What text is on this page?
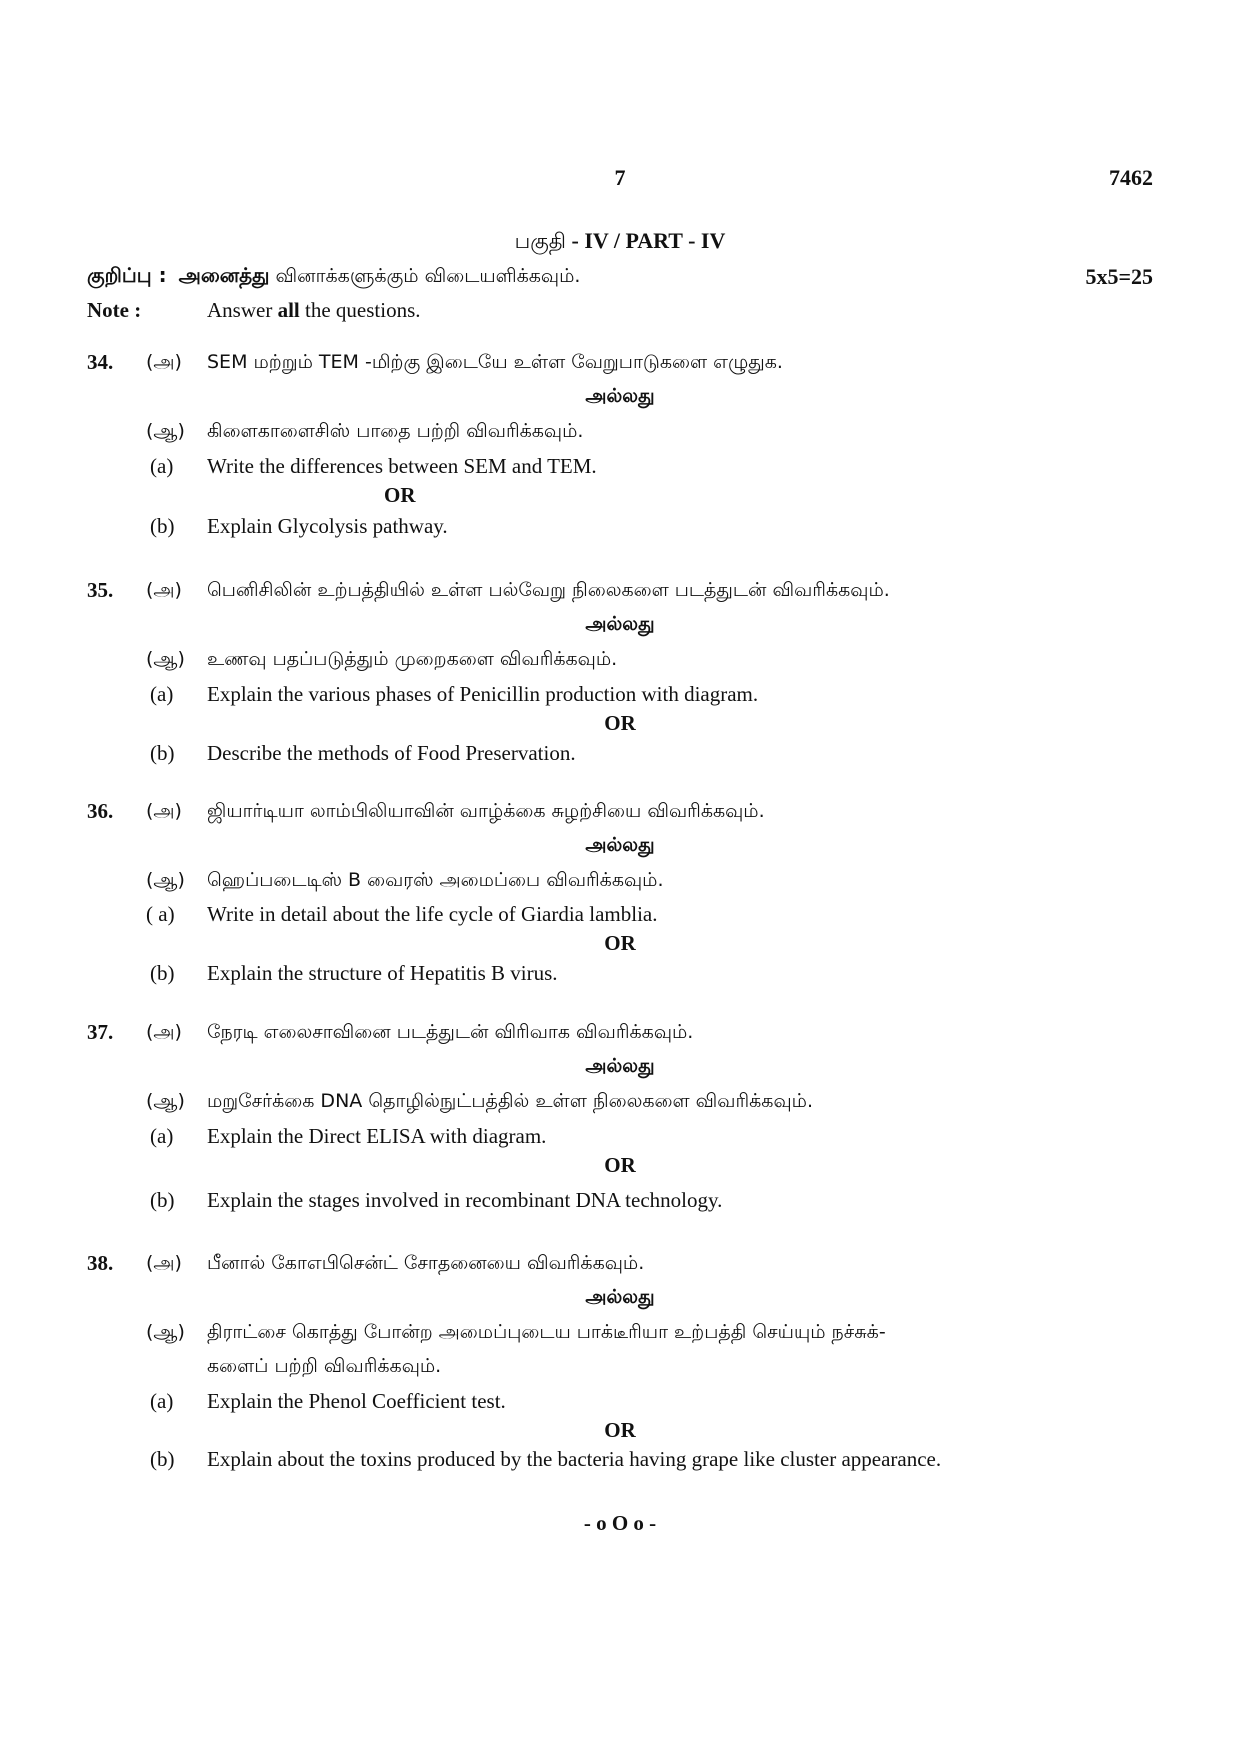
7	7462
பகுதி - IV / PART - IV
குறிப்பு : அனைத்து வினாக்களுக்கும் விடையளிக்கவும்.	5x5=25
Note :	Answer all the questions.
34. (அ) SEM மற்றும் TEM -மிற்கு இடையே உள்ள வேறுபாடுகளை எழுதுக.
அல்லது
(ஆ) கிளைகாளைசிஸ் பாதை பற்றி விவரிக்கவும்.
(a) Write the differences between SEM and TEM.
OR
(b) Explain Glycolysis pathway.
35. (அ) பெனிசிலின் உற்பத்தியில் உள்ள பல்வேறு நிலைகளை படத்துடன் விவரிக்கவும்.
அல்லது
(ஆ) உணவு பதப்படுத்தும் முறைகளை விவரிக்கவும்.
(a) Explain the various phases of Penicillin production with diagram.
OR
(b) Describe the methods of Food Preservation.
36. (அ) ஜியார்டியா லாம்பிலியாவின் வாழ்க்கை சுழற்சியை விவரிக்கவும்.
அல்லது
(ஆ) ஹெப்படைடிஸ் B வைரஸ் அமைப்பை விவரிக்கவும்.
( a) Write in detail about the life cycle of Giardia lamblia.
OR
(b) Explain the structure of Hepatitis B virus.
37. (அ) நேரடி எலைசாவினை படத்துடன் விரிவாக விவரிக்கவும்.
அல்லது
(ஆ) மறுசேர்க்கை DNA தொழில்நுட்பத்தில் உள்ள நிலைகளை விவரிக்கவும்.
(a) Explain the Direct ELISA with diagram.
OR
(b) Explain the stages involved in recombinant DNA technology.
38. (அ) பீனால் கோஎபிசென்ட் சோதனையை விவரிக்கவும்.
அல்லது
(ஆ) திராட்சை கொத்து போன்ற அமைப்புடைய பாக்டீரியா உற்பத்தி செய்யும் நச்சுக்-
களைப் பற்றி விவரிக்கவும்.
(a) Explain the Phenol Coefficient test.
OR
(b) Explain about the toxins produced by the bacteria having grape like cluster appearance.
- o O o -
